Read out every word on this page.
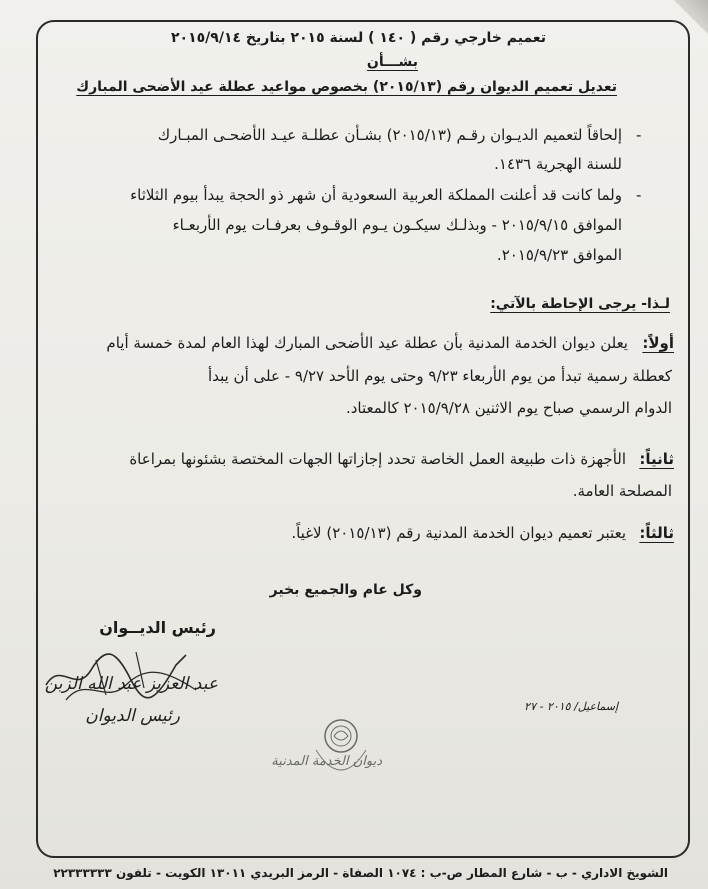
تعميم خارجي رقم ( ١٤٠ ) لسنة ٢٠١٥ بتاريخ ٢٠١٥/٩/١٤
بشـــأن
تعديل تعميم الديوان رقم (٢٠١٥/١٣) بخصوص مواعيد عطلة عيد الأضحى المبارك
-
إلحاقاً لتعميم الديـوان رقـم (٢٠١٥/١٣) بشـأن عطلـة عيـد الأضحـى المبـارك
للسنة الهجرية ١٤٣٦.
-
ولما كانت قد أعلنت المملكة العربية السعودية أن شهر ذو الحجة يبدأ بيوم الثلاثاء
الموافق ٢٠١٥/٩/١٥ - وبذلـك سيكـون يـوم الوقـوف بعرفـات يوم الأربعـاء
الموافق ٢٠١٥/٩/٢٣.
لـذا- يرجى الإحاطة بالآتي:
أولاً:
يعلن ديوان الخدمة المدنية بأن عطلة عيد الأضحى المبارك لهذا العام لمدة خمسة أيام
كعطلة رسمية تبدأ من يوم الأربعاء ٩/٢٣ وحتى يوم الأحد ٩/٢٧ - على أن يبدأ
الدوام الرسمي صباح يوم الاثنين ٢٠١٥/٩/٢٨ كالمعتاد.
ثانياً:
الأجهزة ذات طبيعة العمل الخاصة تحدد إجازاتها الجهات المختصة بشئونها بمراعاة
المصلحة العامة.
ثالثاً:
يعتبر تعميم ديوان الخدمة المدنية رقم (٢٠١٥/١٣) لاغياً.
وكل عام والجميع بخير
رئيس الديــوان
عبد العزيز عبد الله الزبن
رئيس الديوان	إسماعيل/ ٢٠١٥ - ٢٧
ديوان الخدمة المدنية
الشويخ الاداري - ب - شارع المطار ص-ب : ١٠٧٤ الصفاة - الرمز البريدي ١٣٠١١ الكويت - تلفون ٢٢٣٣٣٣٣٣
